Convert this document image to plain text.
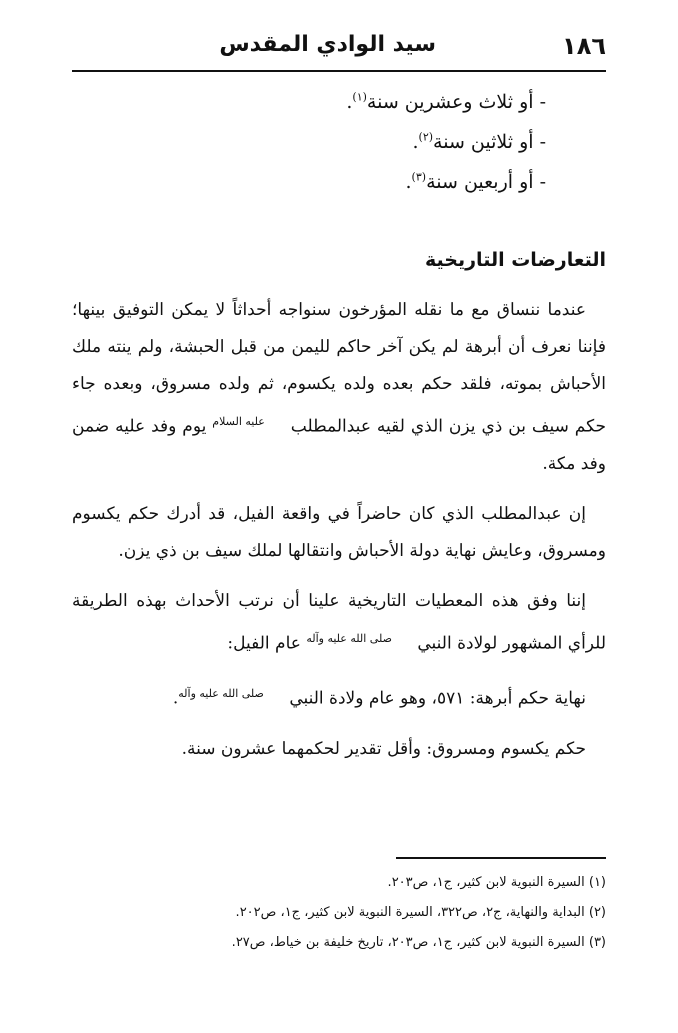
١٨٦
سيد الوادي المقدس
- أو ثلاث وعشرين سنة$^{(١)}$.
- أو ثلاثين سنة$^{(٢)}$.
- أو أربعين سنة$^{(٣)}$.
التعارضات التاريخية

عندما ننساق مع ما نقله المؤرخون سنواجه أحداثاً لا يمكن التوفيق بينها؛ فإننا نعرف أن أبرهة لم يكن آخر حاكم لليمن من قبل الحبشة، ولم ينته ملك الأحباش بموته، فلقد حكم بعده ولده يكسوم، ثم ولده مسروق، وبعده جاء حكم سيف بن ذي يزن الذي لقيه عبدالمطلب عليه السلام يوم وفد عليه ضمن وفد مكة.

إن عبدالمطلب الذي كان حاضراً في واقعة الفيل، قد أدرك حكم يكسوم ومسروق، وعايش نهاية دولة الأحباش وانتقالها لملك سيف بن ذي يزن.

إننا وفق هذه المعطيات التاريخية علينا أن نرتب الأحداث بهذه الطريقة للرأي المشهور لولادة النبي صلى الله عليه وآله عام الفيل:

نهاية حكم أبرهة: ٥٧١، وهو عام ولادة النبي صلى الله عليه وآله.

حكم يكسوم ومسروق: وأقل تقدير لحكمهما عشرون سنة.

(١) السيرة النبوية لابن كثير، ج١، ص٢٠٣.
(٢) البداية والنهاية، ج٢، ص٣٢٢، السيرة النبوية لابن كثير، ج١، ص٢٠٢.
(٣) السيرة النبوية لابن كثير، ج١، ص٢٠٣، تاريخ خليفة بن خياط، ص٢٧.
